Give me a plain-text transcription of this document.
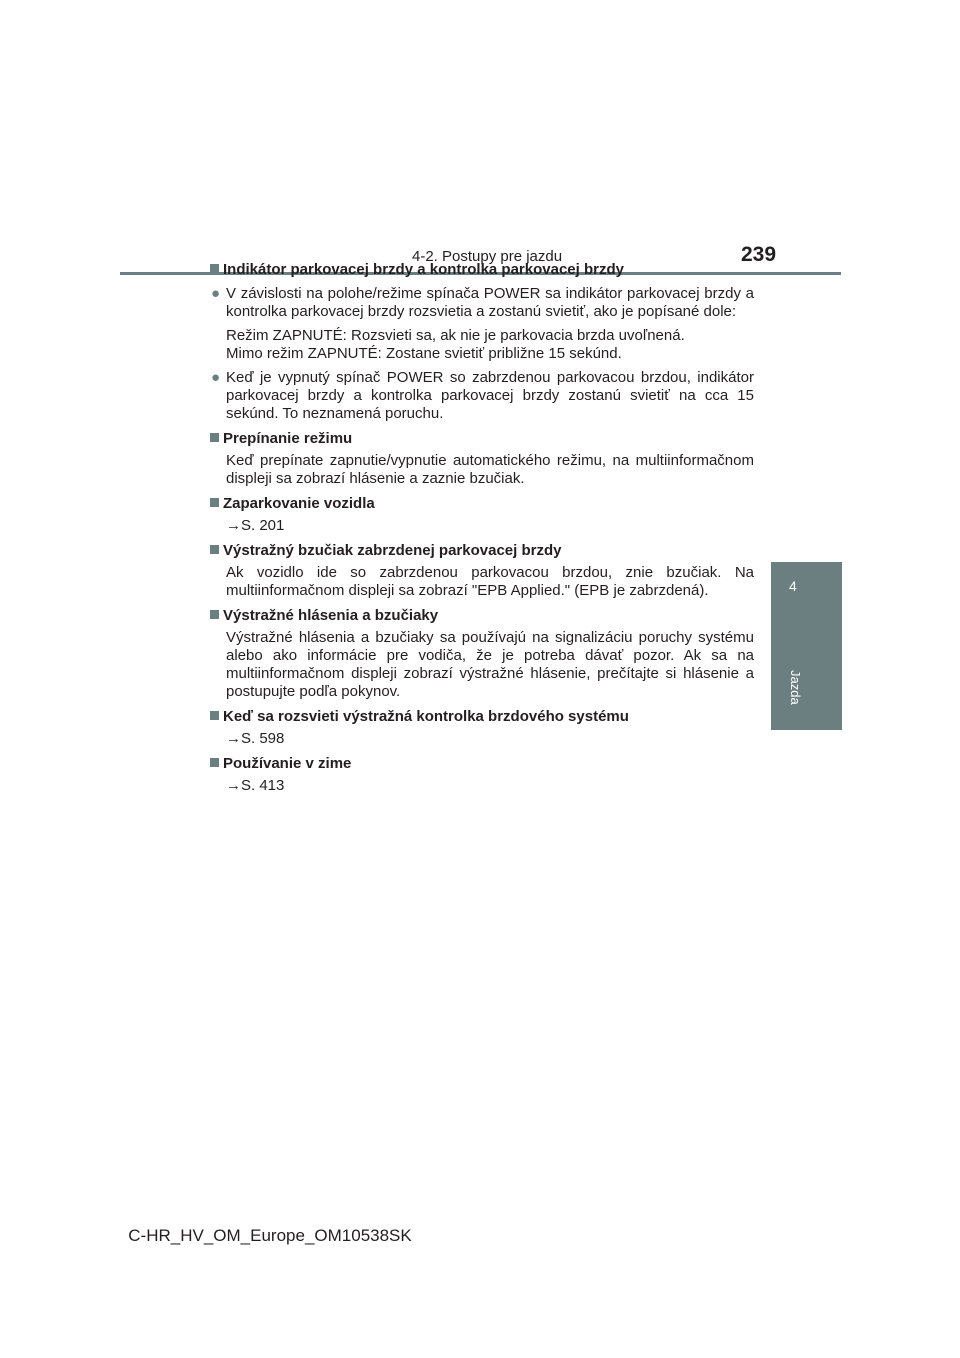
4-2. Postupy pre jazdu	239
4
Jazda
Indikátor parkovacej brzdy a kontrolka parkovacej brzdy
● V závislosti na polohe/režime spínača POWER sa indikátor parkovacej brzdy a kontrolka parkovacej brzdy rozsvietia a zostanú svietiť, ako je popísané dole:
Režim ZAPNUTÉ: Rozsvieti sa, ak nie je parkovacia brzda uvoľnená.
Mimo režim ZAPNUTÉ: Zostane svietiť približne 15 sekúnd.
● Keď je vypnutý spínač POWER so zabrzdenou parkovacou brzdou, indikátor parkovacej brzdy a kontrolka parkovacej brzdy zostanú svietiť na cca 15 sekúnd. To neznamená poruchu.
Prepínanie režimu
Keď prepínate zapnutie/vypnutie automatického režimu, na multiinformačnom displeji sa zobrazí hlásenie a zaznie bzučiak.
Zaparkovanie vozidla
→S. 201
Výstražný bzučiak zabrzdenej parkovacej brzdy
Ak vozidlo ide so zabrzdenou parkovacou brzdou, znie bzučiak. Na multiinformačnom displeji sa zobrazí "EPB Applied." (EPB je zabrzdená).
Výstražné hlásenia a bzučiaky
Výstražné hlásenia a bzučiaky sa používajú na signalizáciu poruchy systému alebo ako informácie pre vodiča, že je potreba dávať pozor. Ak sa na multiinformačnom displeji zobrazí výstražné hlásenie, prečítajte si hlásenie a postupujte podľa pokynov.
Keď sa rozsvieti výstražná kontrolka brzdového systému
→S. 598
Používanie v zime
→S. 413
C-HR_HV_OM_Europe_OM10538SK
